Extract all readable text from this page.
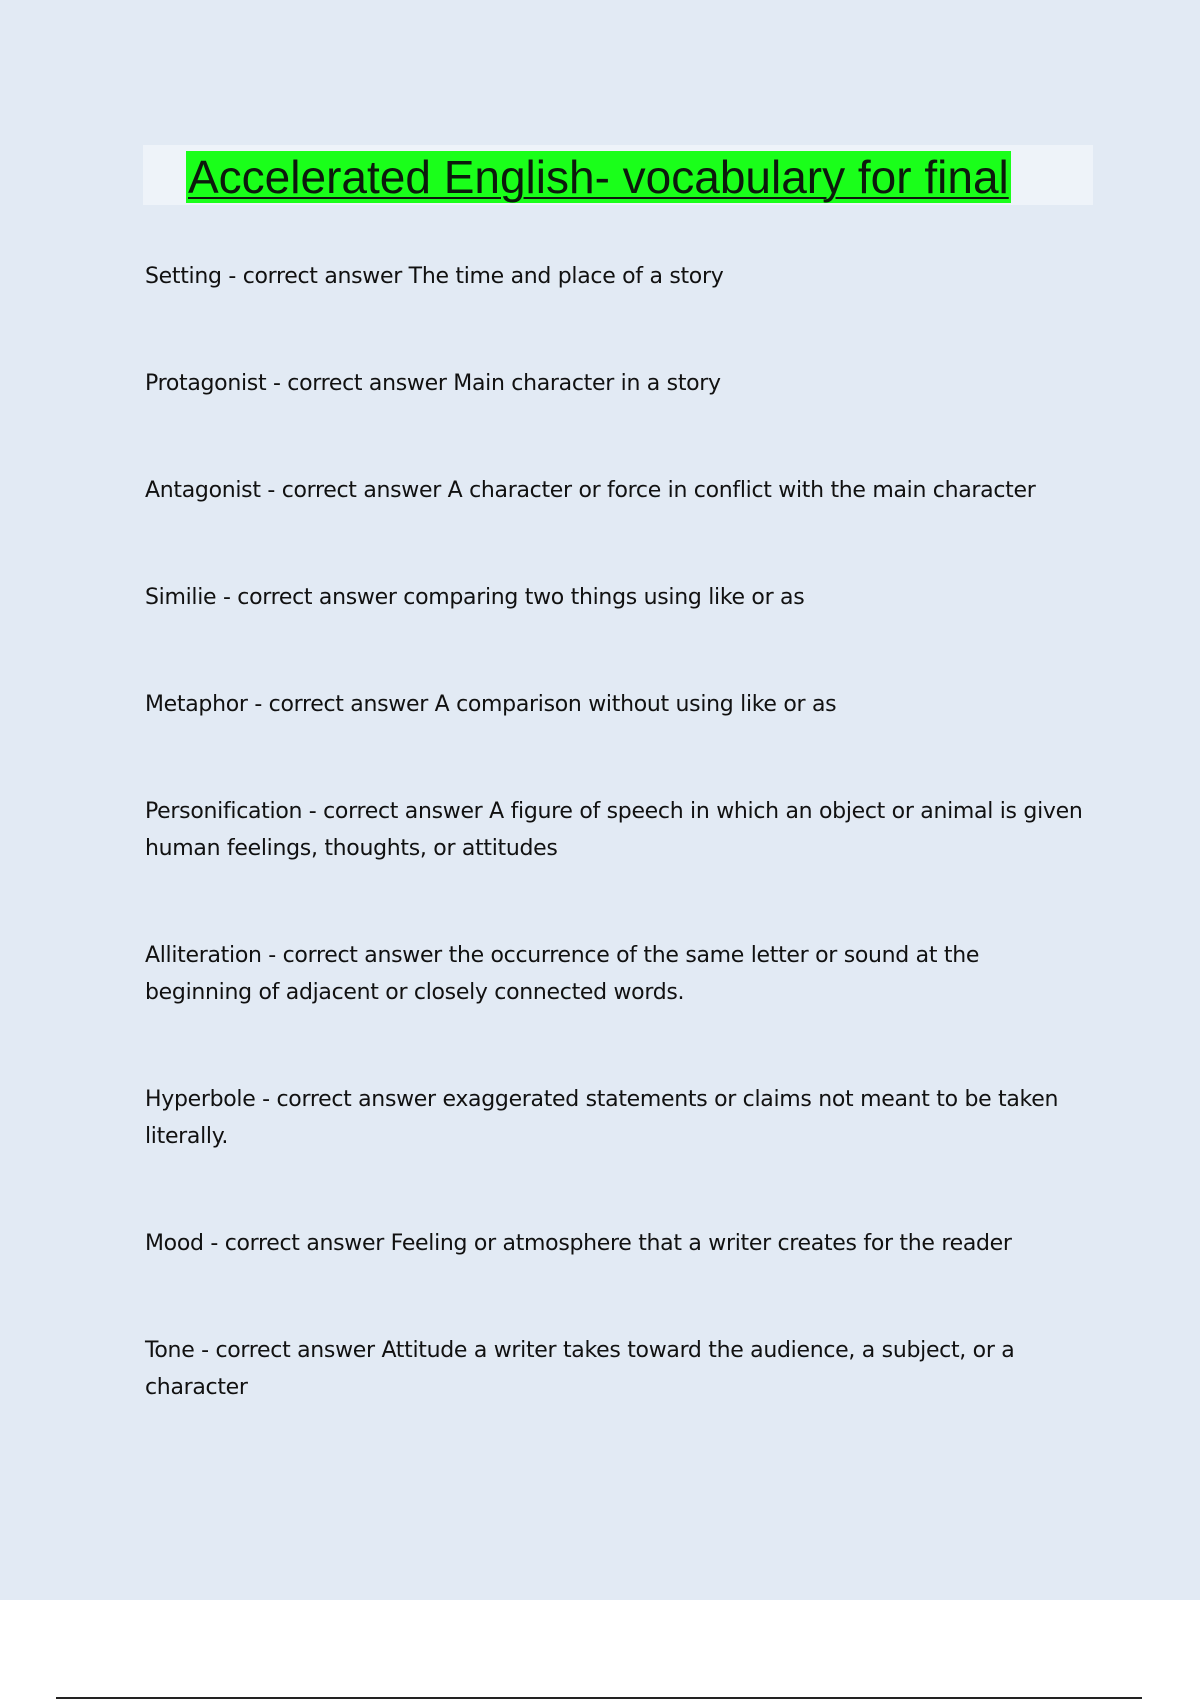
Accelerated English- vocabulary for final

Setting - correct answer The time and place of a story

Protagonist - correct answer Main character in a story

Antagonist - correct answer A character or force in conflict with the main character

Similie - correct answer comparing two things using like or as

Metaphor - correct answer A comparison without using like or as

Personification - correct answer A figure of speech in which an object or animal is given human feelings, thoughts, or attitudes

Alliteration - correct answer the occurrence of the same letter or sound at the beginning of adjacent or closely connected words.

Hyperbole - correct answer exaggerated statements or claims not meant to be taken literally.

Mood - correct answer Feeling or atmosphere that a writer creates for the reader

Tone - correct answer Attitude a writer takes toward the audience, a subject, or a character
